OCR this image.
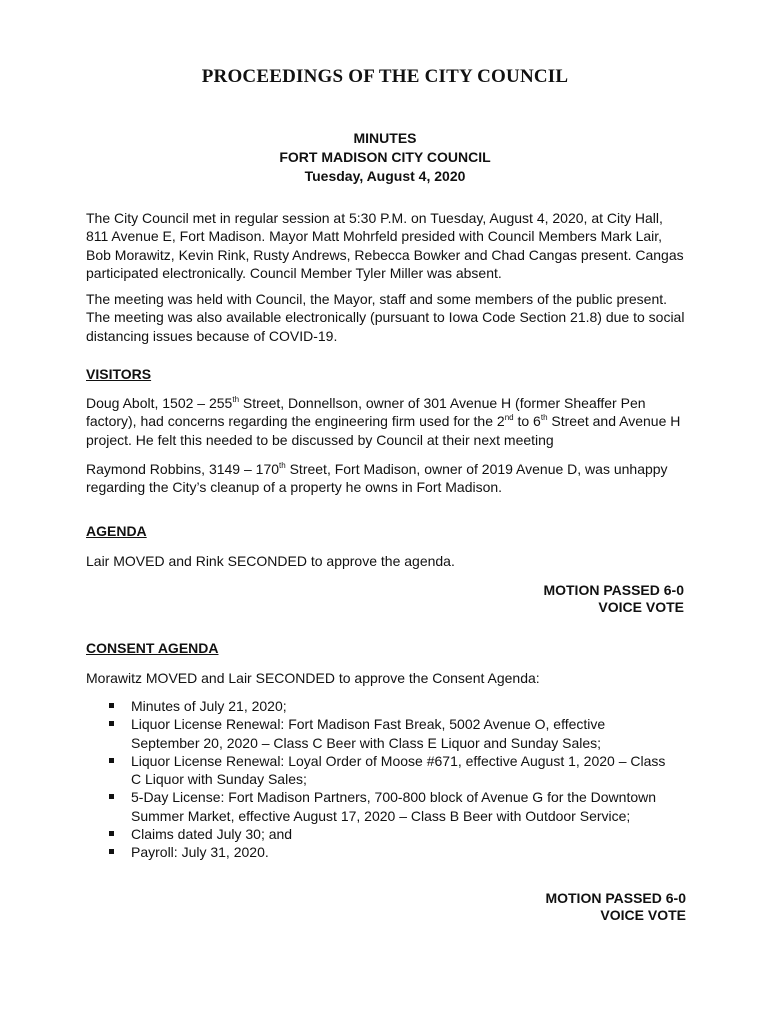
PROCEEDINGS OF THE CITY COUNCIL
MINUTES
FORT MADISON CITY COUNCIL
Tuesday, August 4, 2020

The City Council met in regular session at 5:30 P.M. on Tuesday, August 4, 2020, at City Hall, 811 Avenue E, Fort Madison. Mayor Matt Mohrfeld presided with Council Members Mark Lair, Bob Morawitz, Kevin Rink, Rusty Andrews, Rebecca Bowker and Chad Cangas present. Cangas participated electronically. Council Member Tyler Miller was absent.

The meeting was held with Council, the Mayor, staff and some members of the public present. The meeting was also available electronically (pursuant to Iowa Code Section 21.8) due to social distancing issues because of COVID-19.

VISITORS

Doug Abolt, 1502 – 255th Street, Donnellson, owner of 301 Avenue H (former Sheaffer Pen factory), had concerns regarding the engineering firm used for the 2nd to 6th Street and Avenue H project. He felt this needed to be discussed by Council at their next meeting

Raymond Robbins, 3149 – 170th Street, Fort Madison, owner of 2019 Avenue D, was unhappy regarding the City’s cleanup of a property he owns in Fort Madison.

AGENDA

Lair MOVED and Rink SECONDED to approve the agenda.

MOTION PASSED 6-0
VOICE VOTE
CONSENT AGENDA

Morawitz MOVED and Lair SECONDED to approve the Consent Agenda:

Minutes of July 21, 2020;
Liquor License Renewal: Fort Madison Fast Break, 5002 Avenue O, effective September 20, 2020 – Class C Beer with Class E Liquor and Sunday Sales;
Liquor License Renewal: Loyal Order of Moose #671, effective August 1, 2020 – Class C Liquor with Sunday Sales;
5-Day License: Fort Madison Partners, 700-800 block of Avenue G for the Downtown Summer Market, effective August 17, 2020 – Class B Beer with Outdoor Service;
Claims dated July 30; and
Payroll: July 31, 2020.
MOTION PASSED 6-0
VOICE VOTE
